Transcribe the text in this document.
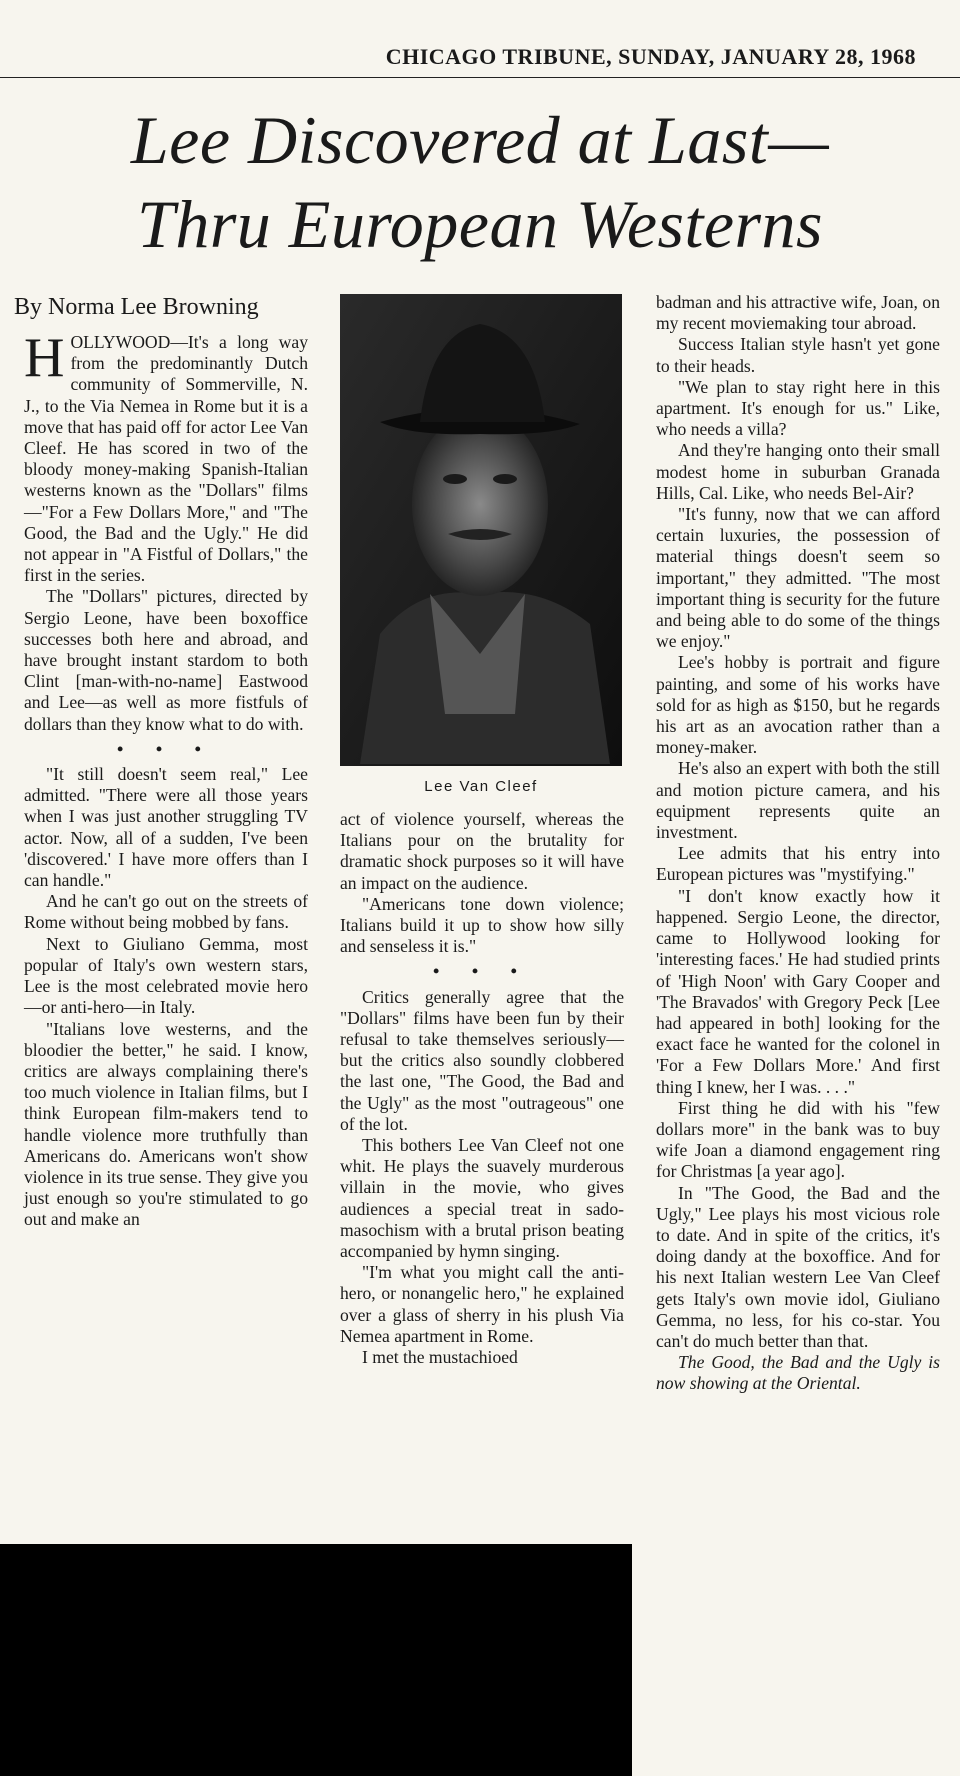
CHICAGO TRIBUNE, SUNDAY, JANUARY 28, 1968
Lee Discovered at Last—
Thru European Westerns
By Norma Lee Browning

HOLLYWOOD—It's a long way from the predominantly Dutch community of Sommerville, N. J., to the Via Nemea in Rome but it is a move that has paid off for actor Lee Van Cleef. He has scored in two of the bloody money-making Spanish-Italian westerns known as the "Dollars" films—"For a Few Dollars More," and "The Good, the Bad and the Ugly." He did not appear in "A Fistful of Dollars," the first in the series.

The "Dollars" pictures, directed by Sergio Leone, have been boxoffice successes both here and abroad, and have brought instant stardom to both Clint [man-with-no-name] Eastwood and Lee—as well as more fistfuls of dollars than they know what to do with.

• • •

"It still doesn't seem real," Lee admitted. "There were all those years when I was just another struggling TV actor. Now, all of a sudden, I've been 'discovered.' I have more offers than I can handle."

And he can't go out on the streets of Rome without being mobbed by fans.

Next to Giuliano Gemma, most popular of Italy's own western stars, Lee is the most celebrated movie hero—or anti-hero—in Italy.

"Italians love westerns, and the bloodier the better," he said. I know, critics are always complaining there's too much violence in Italian films, but I think European film-makers tend to handle violence more truthfully than Americans do. Americans won't show violence in its true sense. They give you just enough so you're stimulated to go out and make an

Lee Van Cleef

act of violence yourself, whereas the Italians pour on the brutality for dramatic shock purposes so it will have an impact on the audience.

"Americans tone down violence; Italians build it up to show how silly and senseless it is."

• • •

Critics generally agree that the "Dollars" films have been fun by their refusal to take themselves seriously—but the critics also soundly clobbered the last one, "The Good, the Bad and the Ugly" as the most "outrageous" one of the lot.

This bothers Lee Van Cleef not one whit. He plays the suavely murderous villain in the movie, who gives audiences a special treat in sado-masochism with a brutal prison beating accompanied by hymn singing.

"I'm what you might call the anti-hero, or nonangelic hero," he explained over a glass of sherry in his plush Via Nemea apartment in Rome.

I met the mustachioed

badman and his attractive wife, Joan, on my recent moviemaking tour abroad.

Success Italian style hasn't yet gone to their heads.

"We plan to stay right here in this apartment. It's enough for us." Like, who needs a villa?

And they're hanging onto their small modest home in suburban Granada Hills, Cal. Like, who needs Bel-Air?

"It's funny, now that we can afford certain luxuries, the possession of material things doesn't seem so important," they admitted. "The most important thing is security for the future and being able to do some of the things we enjoy."

Lee's hobby is portrait and figure painting, and some of his works have sold for as high as $150, but he regards his art as an avocation rather than a money-maker.

He's also an expert with both the still and motion picture camera, and his equipment represents quite an investment.

Lee admits that his entry into European pictures was "mystifying."

"I don't know exactly how it happened. Sergio Leone, the director, came to Hollywood looking for 'interesting faces.' He had studied prints of 'High Noon' with Gary Cooper and 'The Bravados' with Gregory Peck [Lee had appeared in both] looking for the exact face he wanted for the colonel in 'For a Few Dollars More.' And first thing I knew, her I was. . . ."

First thing he did with his "few dollars more" in the bank was to buy wife Joan a diamond engagement ring for Christmas [a year ago].

In "The Good, the Bad and the Ugly," Lee plays his most vicious role to date. And in spite of the critics, it's doing dandy at the boxoffice. And for his next Italian western Lee Van Cleef gets Italy's own movie idol, Giuliano Gemma, no less, for his co-star. You can't do much better than that.

The Good, the Bad and the Ugly is now showing at the Oriental.
